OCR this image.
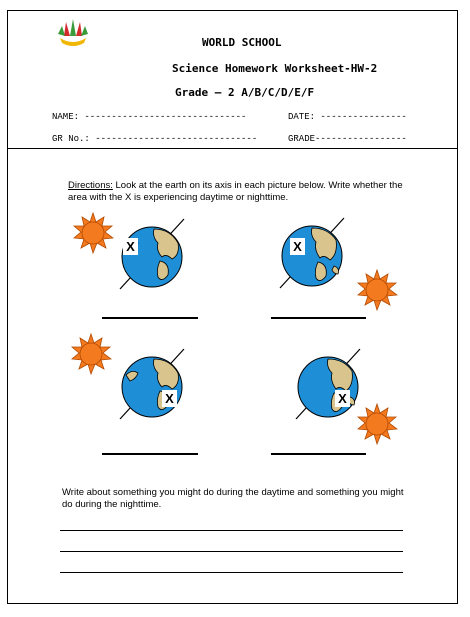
WORLD SCHOOL
Science Homework Worksheet-HW-2
Grade – 2 A/B/C/D/E/F
NAME: ------------------------------	DATE: ----------------
GR No.: ------------------------------	GRADE-----------------
Directions: Look at the earth on its axis in each picture below. Write whether the area with the X is experiencing daytime or nighttime.
X	X
X	X
Write about something you might do during the daytime and something you might do during the nighttime.
